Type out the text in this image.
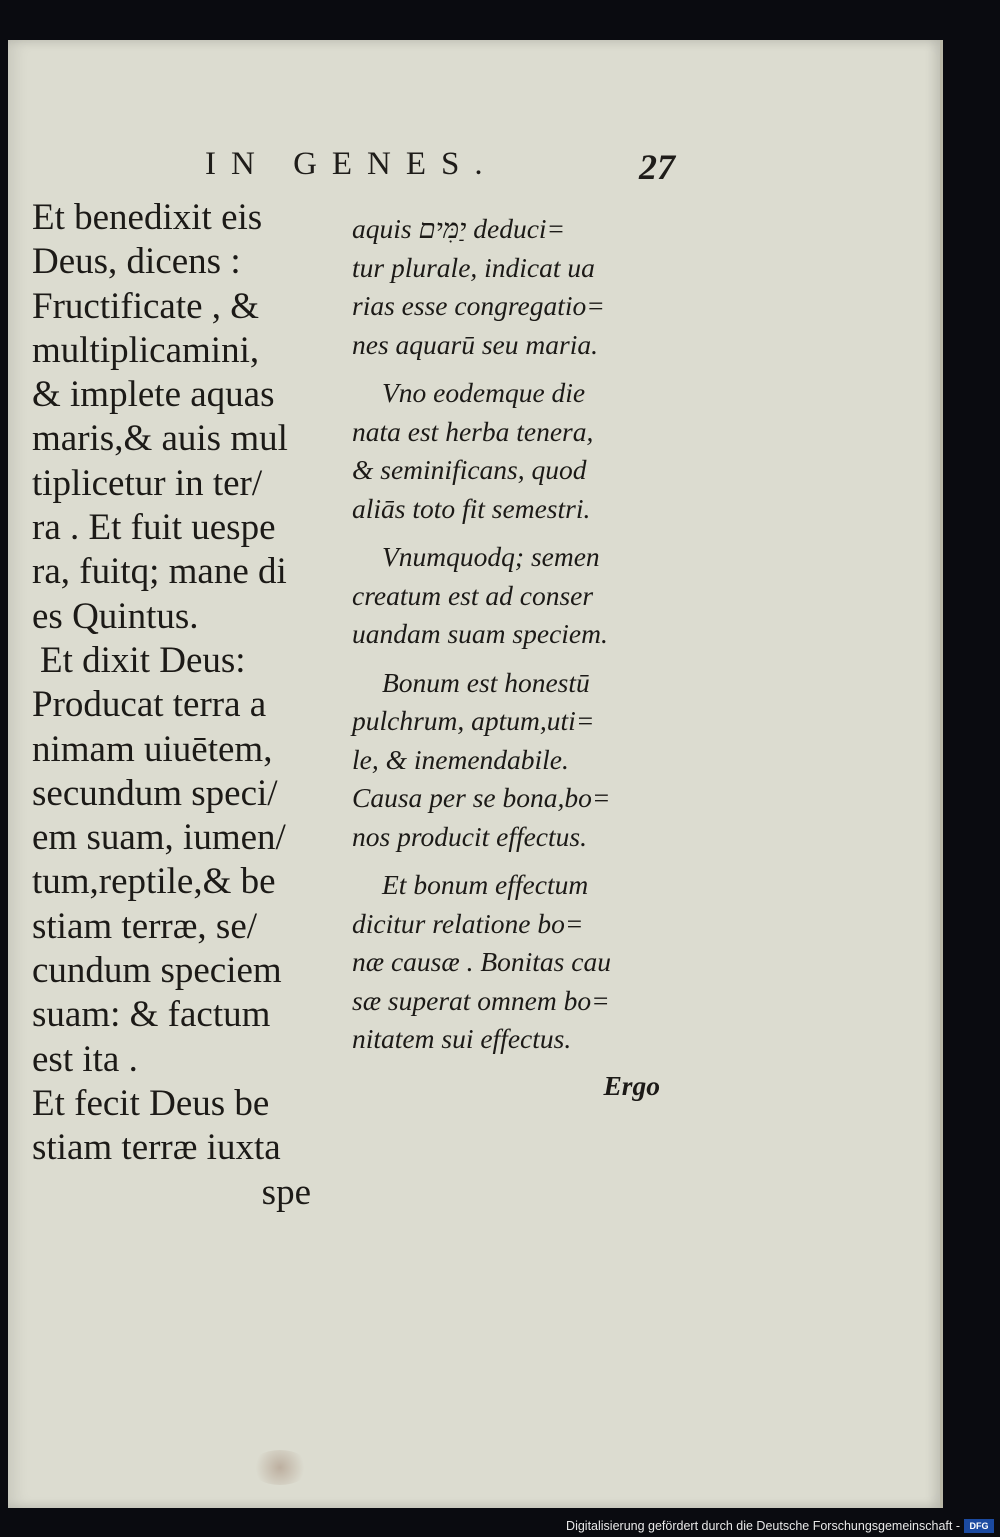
IN GENES.	27
Et benedixit eis
Deus, dicens :
Fructificate , &
multiplicamini,
& implete aquas
maris,& auis mul
tiplicetur in ter/
ra . Et fuit uespe
ra, fuitq; mane di
es Quintus.
Et dixit Deus:
Producat terra a
nimam uiuētem,
secundum speci/
em suam, iumen/
tum,reptile,& be
stiam terræ, se/
cundum speciem
suam: & factum
est ita .
Et fecit Deus be
stiam terræ iuxta
spe
aquis יַמִּים deduci=
tur plurale, indicat ua
rias esse congregatio=
nes aquarū seu maria.
Vno eodemque die
nata est herba tenera,
& seminificans, quod
aliās toto fit semestri.
Vnumquodq; semen
creatum est ad conser
uandam suam speciem.
Bonum est honestū
pulchrum, aptum,uti=
le, & inemendabile.
Causa per se bona,bo=
nos producit effectus.
Et bonum effectum
dicitur relatione bo=
næ causæ . Bonitas cau
sæ superat omnem bo=
nitatem sui effectus.
Ergo
Digitalisierung gefördert durch die Deutsche Forschungsgemeinschaft -	DFG
